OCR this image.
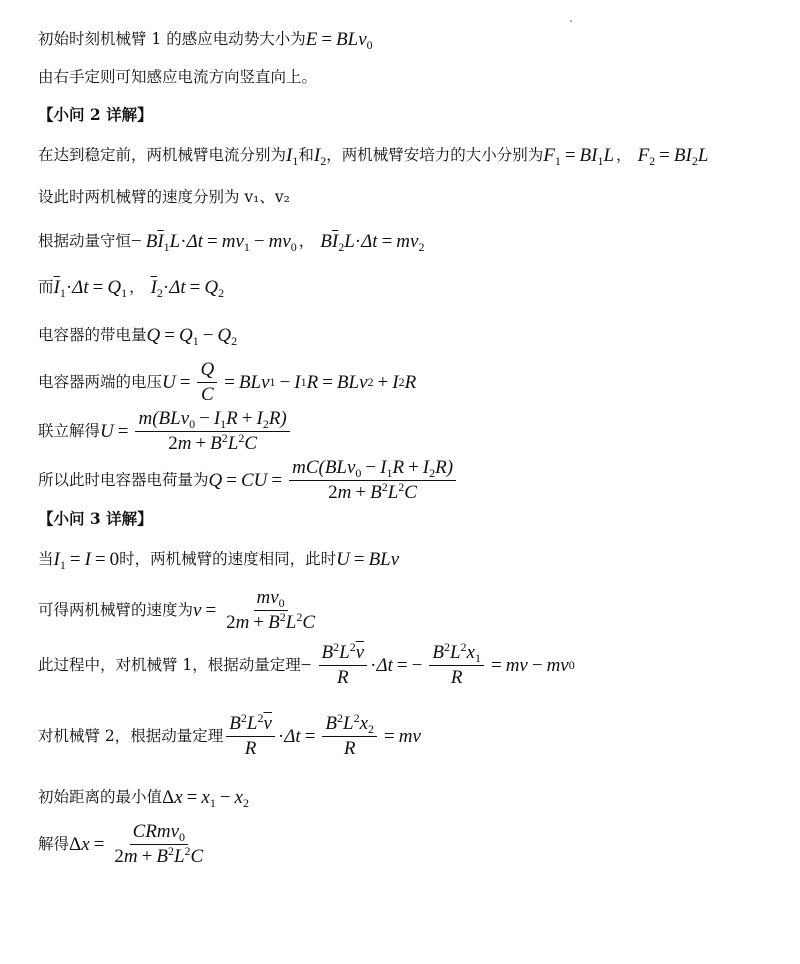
初始时刻机械臂 1 的感应电动势大小为 E = BLv$_0$
由右手定则可知感应电流方向竖直向上。
【小问 2 详解】
在达到稳定前，两机械臂电流分别为 $I_1$ 和 $I_2$ ，两机械臂安培力的大小分别为 $F_1 = BI_1L$ ， $F_2 = BI_2L$
设此时两机械臂的速度分别为 v₁、v₂
根据动量守恒 − $B\overline{I}_1L\cdot\Delta t = mv_1 - mv_0$ ， $B\overline{I}_2L\cdot\Delta t = mv_2$
而 $\overline{I}_1\cdot\Delta t = Q_1$ ， $\overline{I}_2\cdot\Delta t = Q_2$
电容器的带电量 $Q = Q_1 - Q_2$
电容器两端的电压 $U = \frac{Q}{C}$ = BLv 1 − I 1 R = BLv 2 + I 2 R
联立解得 $U = \frac{m(BLv_0 - I_1R + I_2R)}{2m + B^2L^2C}$
所以此时电容器电荷量为 Q = CU = $\frac{mC(BLv_0 - I_1R + I_2R)}{2m + B^2L^2C}$
【小问 3 详解】
当 $I_1 = I = 0$ 时，两机械臂的速度相同，此时 U = BLv
可得两机械臂的速度为 $v = \frac{mv_0}{2m + B^2L^2C}$
此过程中，对机械臂 1，根据动量定理 − $\frac{B^2L^2\overline{v}}{R} \cdot \Delta t$ = − $\frac{B^2L^2x_1}{R}$ = mv − mv 0
对机械臂 2，根据动量定理 $\frac{B^2L^2\overline{v}}{R} \cdot \Delta t = \frac{B^2L^2x_2}{R}$ = mv
初始距离的最小值 $\Delta x = x_1 - x_2$
解得 Δ $x = \frac{CRmv_0}{2m + B^2L^2C}$
